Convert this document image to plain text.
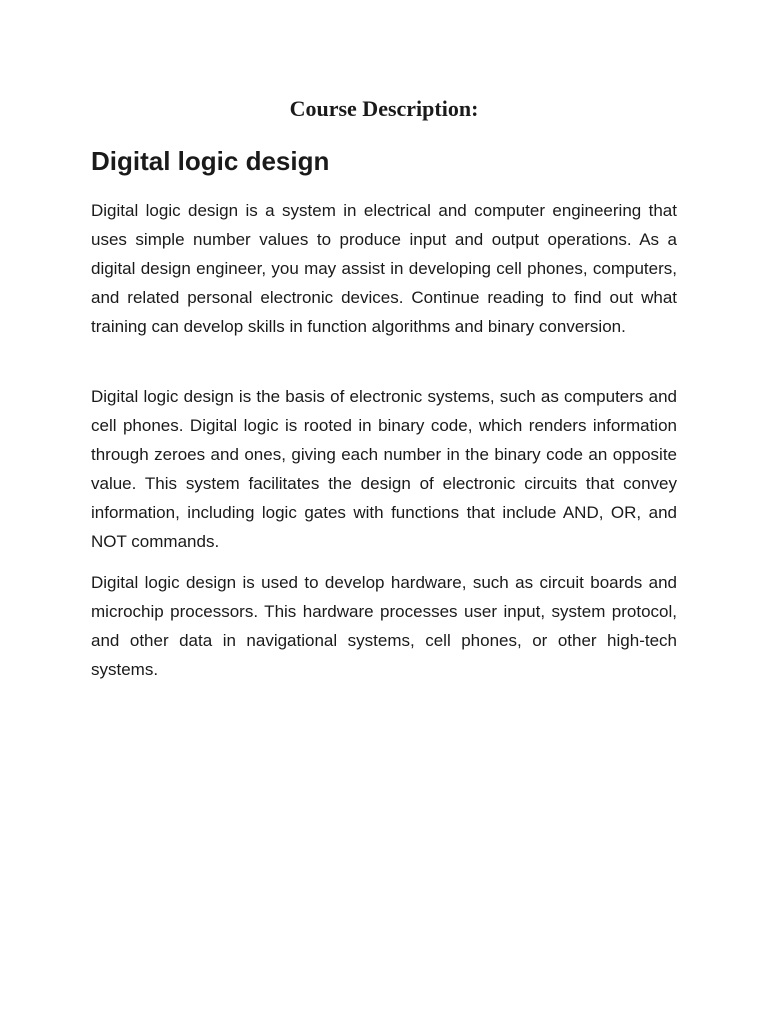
Course Description:
Digital logic design

Digital logic design is a system in electrical and computer engineering that uses simple number values to produce input and output operations. As a digital design engineer, you may assist in developing cell phones, computers, and related personal electronic devices. Continue reading to find out what training can develop skills in function algorithms and binary conversion.

Digital logic design is the basis of electronic systems, such as computers and cell phones. Digital logic is rooted in binary code, which renders information through zeroes and ones, giving each number in the binary code an opposite value. This system facilitates the design of electronic circuits that convey information, including logic gates with functions that include AND, OR, and NOT commands.

Digital logic design is used to develop hardware, such as circuit boards and microchip processors. This hardware processes user input, system protocol, and other data in navigational systems, cell phones, or other high-tech systems.
